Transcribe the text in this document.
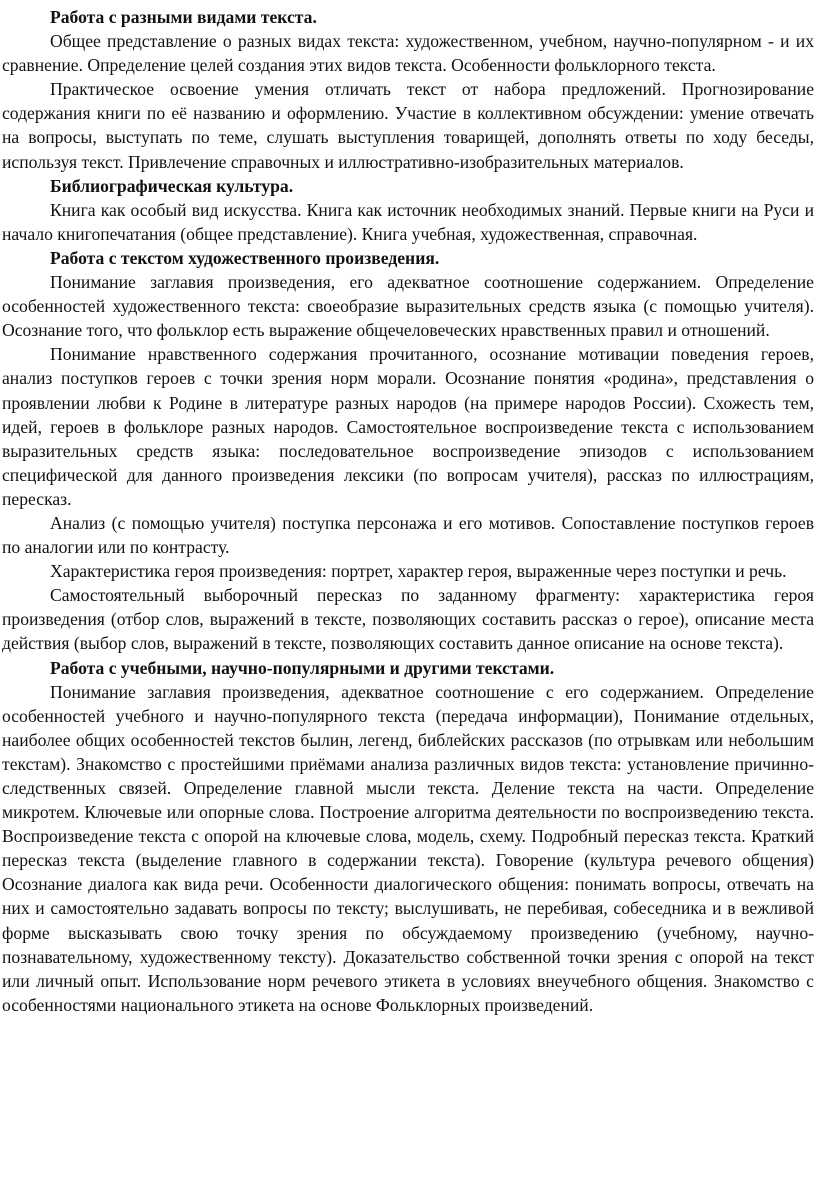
Работа с разными видами текста.

Общее представление о разных видах текста: художественном, учебном, научно-популярном - и их сравнение. Определение целей создания этих видов текста. Особенности фольклорного текста.

Практическое освоение умения отличать текст от набора предложений. Прогнозирование содержания книги по её названию и оформлению. Участие в коллективном обсуждении: умение отвечать на вопросы, выступать по теме, слушать выступления товарищей, дополнять ответы по ходу беседы, используя текст. Привлечение справочных и иллюстративно-изобразительных материалов.

Библиографическая культура.

Книга как особый вид искусства. Книга как источник необходимых знаний. Первые книги на Руси и начало книгопечатания (общее представление). Книга учебная, художественная, справочная.

Работа с текстом художественного произведения.

Понимание заглавия произведения, его адекватное соотношение содержанием. Определение особенностей художественного текста: своеобразие выразительных средств языка (с помощью учителя). Осознание того, что фольклор есть выражение общечеловеческих нравственных правил и отношений.

Понимание нравственного содержания прочитанного, осознание мотивации поведения героев, анализ поступков героев с точки зрения норм морали. Осознание понятия «родина», представления о проявлении любви к Родине в литературе разных народов (на примере народов России). Схожесть тем, идей, героев в фольклоре разных народов. Самостоятельное воспроизведение текста с использованием выразительных средств языка: последовательное воспроизведение эпизодов с использованием специфической для данного произведения лексики (по вопросам учителя), рассказ по иллюстрациям, пересказ.

Анализ (с помощью учителя) поступка персонажа и его мотивов. Сопоставление поступков героев по аналогии или по контрасту.

Характеристика героя произведения: портрет, характер героя, выраженные через поступки и речь.

Самостоятельный выборочный пересказ по заданному фрагменту: характеристика героя произведения (отбор слов, выражений в тексте, позволяющих составить рассказ о герое), описание места действия (выбор слов, выражений в тексте, позволяющих составить данное описание на основе текста).

Работа с учебными, научно-популярными и другими текстами.

Понимание заглавия произведения, адекватное соотношение с его содержанием. Определение особенностей учебного и научно-популярного текста (передача информации), Понимание отдельных, наиболее общих особенностей текстов былин, легенд, библейских рассказов (по отрывкам или небольшим текстам). Знакомство с простейшими приёмами анализа различных видов текста: установление причинно-следственных связей. Определение главной мысли текста. Деление текста на части. Определение микротем. Ключевые или опорные слова. Построение алгоритма деятельности по воспроизведению текста. Воспроизведение текста с опорой на ключевые слова, модель, схему. Подробный пересказ текста. Краткий пересказ текста (выделение главного в содержании текста). Говорение (культура речевого общения) Осознание диалога как вида речи. Особенности диалогического общения: понимать вопросы, отвечать на них и самостоятельно задавать вопросы по тексту; выслушивать, не перебивая, собеседника и в вежливой форме высказывать свою точку зрения по обсуждаемому произведению (учебному, научно-познавательному, художественному тексту). Доказательство собственной точки зрения с опорой на текст или личный опыт. Использование норм речевого этикета в условиях внеучебного общения. Знакомство с особенностями национального этикета на основе Фольклорных произведений.
